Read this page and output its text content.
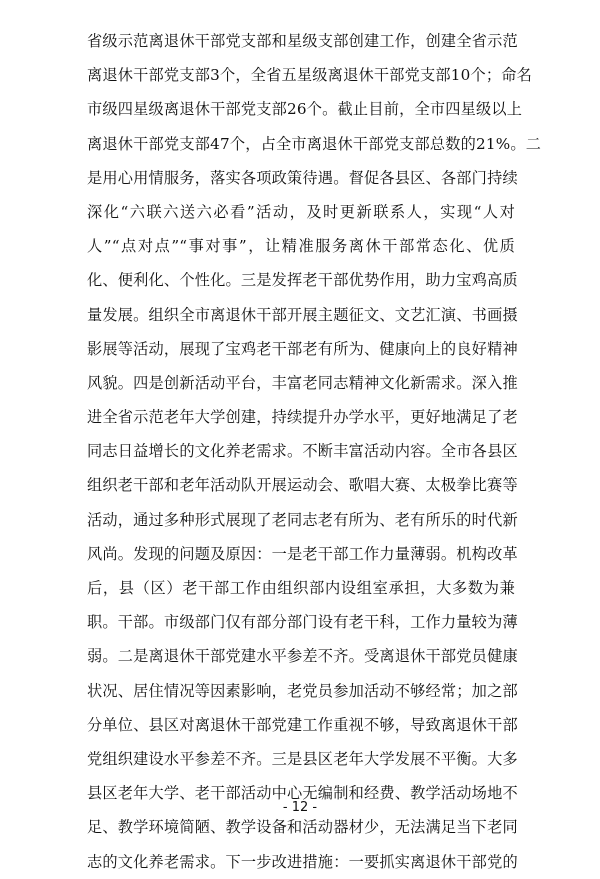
省级示范离退休干部党支部和星级支部创建工作，创建全省示范
离退休干部党支部3个，全省五星级离退休干部党支部10个；命名
市级四星级离退休干部党支部26个。截止目前，全市四星级以上
离退休干部党支部47个，占全市离退休干部党支部总数的21%。二
是用心用情服务，落实各项政策待遇。督促各县区、各部门持续
深化“六联六送六必看”活动，及时更新联系人，实现“人对
人”“点对点”“事对事”，让精准服务离休干部常态化、优质
化、便利化、个性化。三是发挥老干部优势作用，助力宝鸡高质
量发展。组织全市离退休干部开展主题征文、文艺汇演、书画摄
影展等活动，展现了宝鸡老干部老有所为、健康向上的良好精神
风貌。四是创新活动平台，丰富老同志精神文化新需求。深入推
进全省示范老年大学创建，持续提升办学水平，更好地满足了老
同志日益增长的文化养老需求。不断丰富活动内容。全市各县区
组织老干部和老年活动队开展运动会、歌唱大赛、太极拳比赛等
活动，通过多种形式展现了老同志老有所为、老有所乐的时代新
风尚。发现的问题及原因：一是老干部工作力量薄弱。机构改革
后，县（区）老干部工作由组织部内设组室承担，大多数为兼
职。干部。市级部门仅有部分部门设有老干科，工作力量较为薄
弱。二是离退休干部党建水平参差不齐。受离退休干部党员健康
状况、居住情况等因素影响，老党员参加活动不够经常；加之部
分单位、县区对离退休干部党建工作重视不够，导致离退休干部
党组织建设水平参差不齐。三是县区老年大学发展不平衡。大多
县区老年大学、老干部活动中心无编制和经费、教学活动场地不
足、教学环境简陋、教学设备和活动器材少，无法满足当下老同
志的文化养老需求。下一步改进措施：一要抓实离退休干部党的
- 12 -
